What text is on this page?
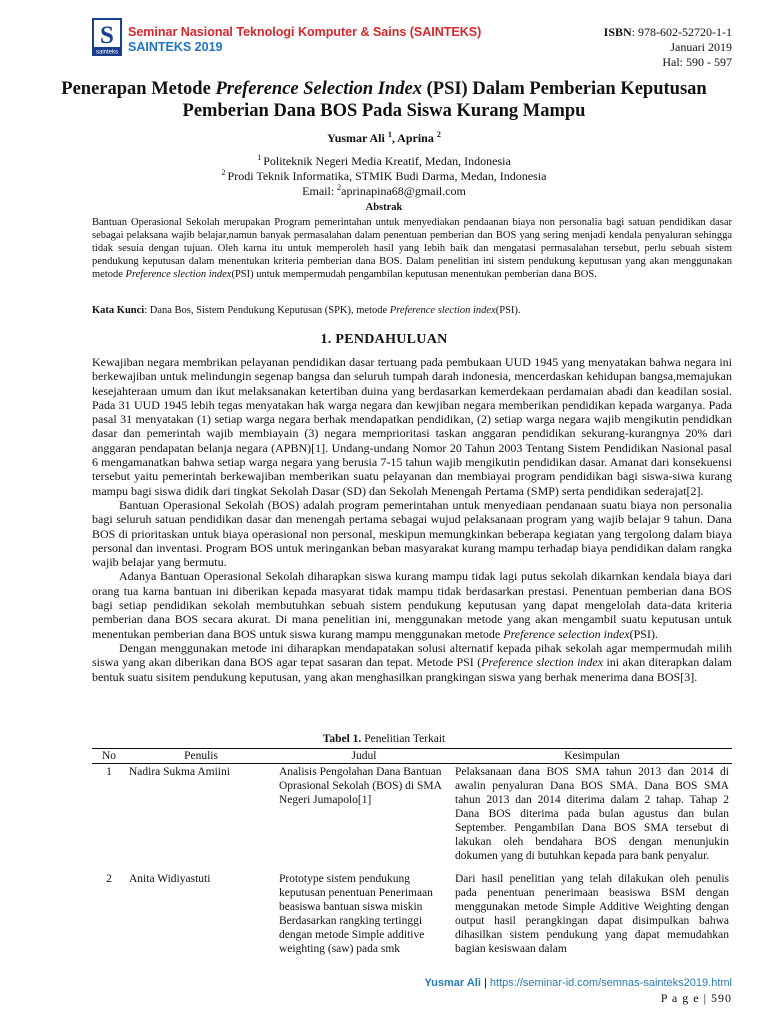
S
sainteks
Seminar Nasional Teknologi Komputer & Sains (SAINTEKS)
SAINTEKS 2019
ISBN: 978-602-52720-1-1
Januari 2019
Hal: 590 - 597
Penerapan Metode Preference Selection Index (PSI) Dalam Pemberian Keputusan Pemberian Dana BOS Pada Siswa Kurang Mampu
Yusmar Ali $^1$, Aprina $^2$
$^1$ Politeknik Negeri Media Kreatif, Medan, Indonesia
$^2$ Prodi Teknik Informatika, STMIK Budi Darma, Medan, Indonesia
Email: $^2$aprinapina68@gmail.com
Abstrak
Bantuan Operasional Sekolah merupakan Program pemerintahan untuk menyediakan pendaanan biaya non personalia bagi satuan pendidikan dasar sebagai pelaksana wajib belajar,namun banyak permasalahan dalam penentuan pemberian dan BOS yang sering menjadi kendala penyaluran sehingga tidak sesuia dengan tujuan. Oleh karna itu untuk memperoleh hasil yang lebih baik dan mengatasi permasalahan tersebut, perlu sebuah sistem pendukung keputusan dalam menentukan kriteria pemberian dana BOS. Dalam penelitian ini sistem pendukung keputusan yang akan menggunakan metode Preference slection index(PSI) untuk mempermudah pengambilan keputusan menentukan pemberian dana BOS.
Kata Kunci: Dana Bos, Sistem Pendukung Keputusan (SPK), metode Preference slection index(PSI).
1. PENDAHULUAN

Kewajiban negara membrikan pelayanan pendidikan dasar tertuang pada pembukaan UUD 1945 yang menyatakan bahwa negara ini berkewajiban untuk melindungin segenap bangsa dan seluruh tumpah darah indonesia, mencerdaskan kehidupan bangsa,memajukan kesejahteraan umum dan ikut melaksanakan ketertiban duina yang berdasarkan kemerdekaan perdamaian abadi dan keadilan sosial. Pada 31 UUD 1945 lebih tegas menyatakan hak warga negara dan kewjiban negara memberikan pendidikan kepada warganya. Pada pasal 31 menyatakan (1) setiap warga negara berhak mendapatkan pendidikan, (2) setiap warga negara wajib mengikutin pendidkan dasar dan pemerintah wajib membiayain (3) negara memprioritasi taskan anggaran pendidikan sekurang-kurangnya 20% dari anggaran pendapatan belanja negara (APBN)[1]. Undang-undang Nomor 20 Tahun 2003 Tentang Sistem Pendidikan Nasional pasal 6 mengamanatkan bahwa setiap warga negara yang berusia 7-15 tahun wajib mengikutin pendidikan dasar. Amanat dari konsekuensi tersebut yaitu pemerintah berkewajiban memberikan suatu pelayanan dan membiayai program pendidikan bagi siswa-siwa kurang mampu bagi siswa didik dari tingkat Sekolah Dasar (SD) dan Sekolah Menengah Pertama (SMP) serta pendidikan sederajat[2].

Bantuan Operasional Sekolah (BOS) adalah program pemerintahan untuk menyediaan pendanaan suatu biaya non personalia bagi seluruh satuan pendidikan dasar dan menengah pertama sebagai wujud pelaksanaan program yang wajib belajar 9 tahun. Dana BOS di prioritaskan untuk biaya operasional non personal, meskipun memungkinkan beberapa kegiatan yang tergolong dalam biaya personal dan inventasi. Program BOS untuk meringankan beban masyarakat kurang mampu terhadap biaya pendidikan dalam rangka wajib belajar yang bermutu.

Adanya Bantuan Operasional Sekolah diharapkan siswa kurang mampu tidak lagi putus sekolah dikarnkan kendala biaya dari orang tua karna bantuan ini diberikan kepada masyarat tidak mampu tidak berdasarkan prestasi. Penentuan pemberian dana BOS bagi setiap pendidikan sekolah membutuhkan sebuah sistem pendukung keputusan yang dapat mengelolah data-data kriteria pemberian dana BOS secara akurat. Di mana penelitian ini, menggunakan metode yang akan mengambil suatu keputusan untuk menentukan pemberian dana BOS untuk siswa kurang mampu menggunakan metode Preference selection index(PSI).

Dengan menggunakan metode ini diharapkan mendapatakan solusi alternatif kepada pihak sekolah agar mempermudah milih siswa yang akan diberikan dana BOS agar tepat sasaran dan tepat. Metode PSI (Preference slection index ini akan diterapkan dalam bentuk suatu sisitem pendukung keputusan, yang akan menghasilkan prangkingan siswa yang berhak menerima dana BOS[3].

Tabel 1. Penelitian Terkait
No	Penulis	Judul	Kesimpulan
1	Nadira Sukma Amiini	Analisis Pengolahan Dana Bantuan Oprasional Sekolah (BOS) di SMA Negeri Jumapolo[1]	Pelaksanaan dana BOS SMA tahun 2013 dan 2014 di awalin penyaluran Dana BOS SMA. Dana BOS SMA tahun 2013 dan 2014 diterima dalam 2 tahap. Tahap 2 Dana BOS diterima pada bulan agustus dan bulan September. Pengambilan Dana BOS SMA tersebut di lakukan oleh bendahara BOS dengan menunjukin dokumen yang di butuhkan kepada para bank penyalur.
2	Anita Widiyastuti	Prototype sistem pendukung keputusan penentuan Penerimaan beasiswa bantuan siswa miskin Berdasarkan rangking tertinggi dengan metode Simple additive weighting (saw) pada smk	Dari hasil penelitian yang telah dilakukan oleh penulis pada penentuan penerimaan beasiswa BSM dengan menggunakan metode Simple Additive Weighting dengan output hasil perangkingan dapat disimpulkan bahwa dihasilkan sistem pendukung yang dapat memudahkan bagian kesiswaan dalam
Yusmar Ali | https://seminar-id.com/semnas-sainteks2019.html
P a g e | 590
